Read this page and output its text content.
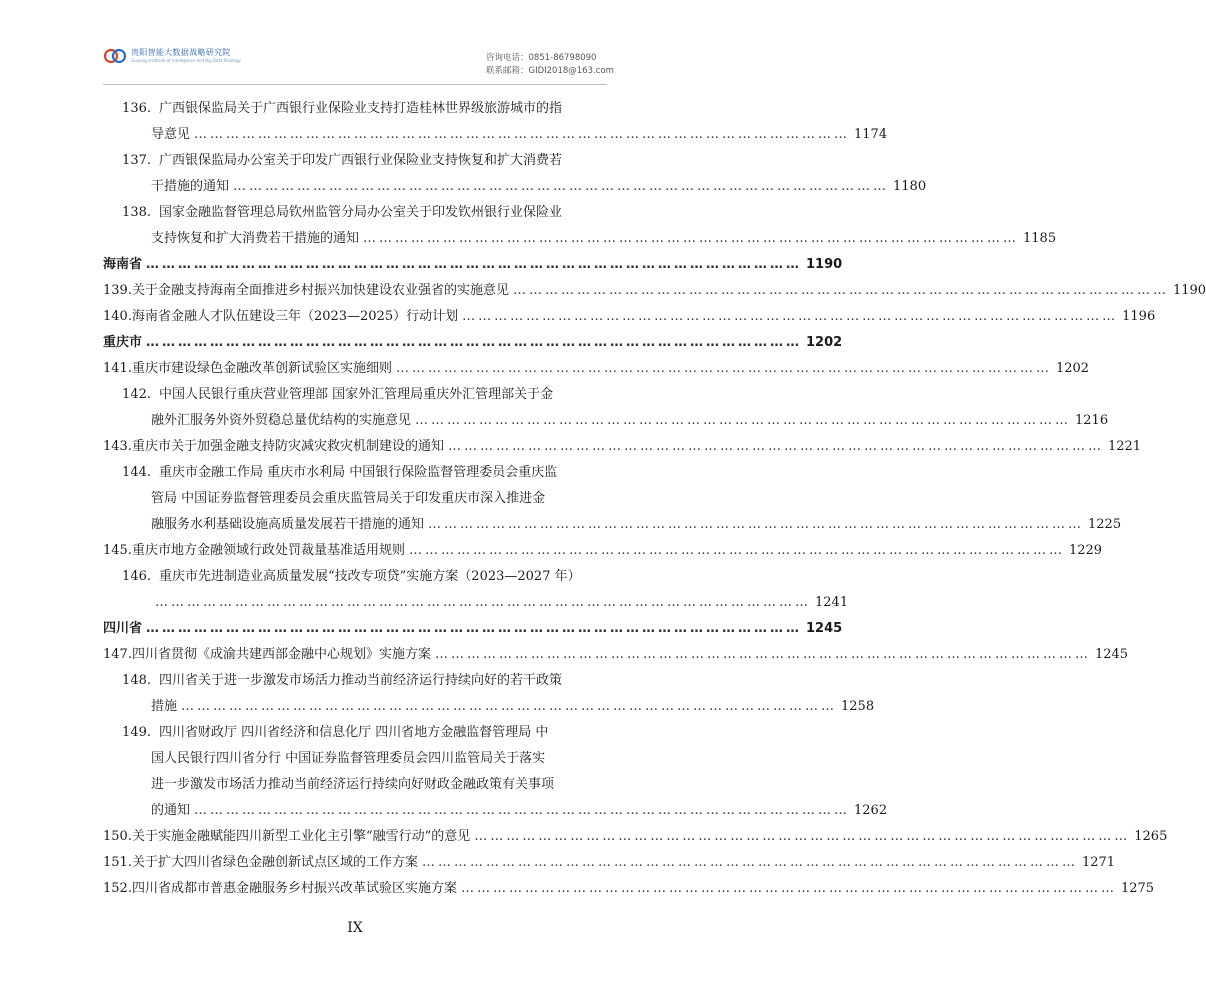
贵阳智能大数据战略研究院
Guiyang Institute of Intelligence and Big Data Strategy	咨询电话：0851-86798090
联系邮箱：GIDI2018@163.com
136. 广西银保监局关于广西银行业保险业支持打造桂林世界级旅游城市的指
导意见 …………………………………………………………………………………………………………… 1174
137. 广西银保监局办公室关于印发广西银行业保险业支持恢复和扩大消费若
干措施的通知 …………………………………………………………………………………………………………… 1180
138. 国家金融监督管理总局钦州监管分局办公室关于印发钦州银行业保险业
支持恢复和扩大消费若干措施的通知 …………………………………………………………………………………………………………… 1185
海南省 …………………………………………………………………………………………………………… 1190
139. 关于金融支持海南全面推进乡村振兴加快建设农业强省的实施意见 …………………………………………………………………………………………………………… 1190
140. 海南省金融人才队伍建设三年（2023—2025）行动计划 …………………………………………………………………………………………………………… 1196
重庆市 …………………………………………………………………………………………………………… 1202
141. 重庆市建设绿色金融改革创新试验区实施细则 …………………………………………………………………………………………………………… 1202
142. 中国人民银行重庆营业管理部 国家外汇管理局重庆外汇管理部关于金
融外汇服务外资外贸稳总量优结构的实施意见 …………………………………………………………………………………………………………… 1216
143. 重庆市关于加强金融支持防灾减灾救灾机制建设的通知 …………………………………………………………………………………………………………… 1221
144. 重庆市金融工作局 重庆市水利局 中国银行保险监督管理委员会重庆监
管局 中国证券监督管理委员会重庆监管局关于印发重庆市深入推进金
融服务水利基础设施高质量发展若干措施的通知 …………………………………………………………………………………………………………… 1225
145. 重庆市地方金融领域行政处罚裁量基准适用规则 …………………………………………………………………………………………………………… 1229
146. 重庆市先进制造业高质量发展“技改专项贷”实施方案（2023—2027 年）
…………………………………………………………………………………………………………… 1241
四川省 …………………………………………………………………………………………………………… 1245
147. 四川省贯彻《成渝共建西部金融中心规划》实施方案 …………………………………………………………………………………………………………… 1245
148. 四川省关于进一步激发市场活力推动当前经济运行持续向好的若干政策
措施 …………………………………………………………………………………………………………… 1258
149. 四川省财政厅 四川省经济和信息化厅 四川省地方金融监督管理局 中
国人民银行四川省分行 中国证券监督管理委员会四川监管局关于落实
进一步激发市场活力推动当前经济运行持续向好财政金融政策有关事项
的通知 …………………………………………………………………………………………………………… 1262
150. 关于实施金融赋能四川新型工业化主引擎“融雪行动”的意见 …………………………………………………………………………………………………………… 1265
151. 关于扩大四川省绿色金融创新试点区域的工作方案 …………………………………………………………………………………………………………… 1271
152. 四川省成都市普惠金融服务乡村振兴改革试验区实施方案 …………………………………………………………………………………………………………… 1275
IX
